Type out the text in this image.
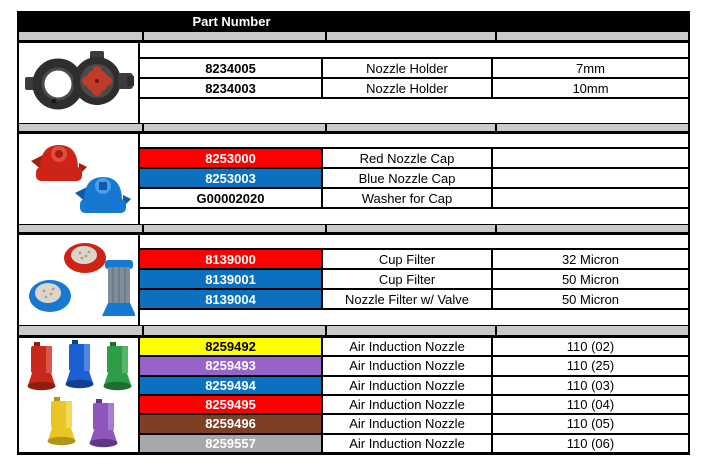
Part Number
8234005	Nozzle Holder	7mm
8234003	Nozzle Holder	10mm
8253000	Red Nozzle Cap
8253003	Blue Nozzle Cap
G00002020	Washer for Cap
8139000	Cup Filter	32 Micron
8139001	Cup Filter	50 Micron
8139004	Nozzle Filter w/ Valve	50 Micron
8259492	Air Induction Nozzle	110 (02)
8259493	Air Induction Nozzle	110 (25)
8259494	Air Induction Nozzle	110 (03)
8259495	Air Induction Nozzle	110 (04)
8259496	Air Induction Nozzle	110 (05)
8259557	Air Induction Nozzle	110 (06)
